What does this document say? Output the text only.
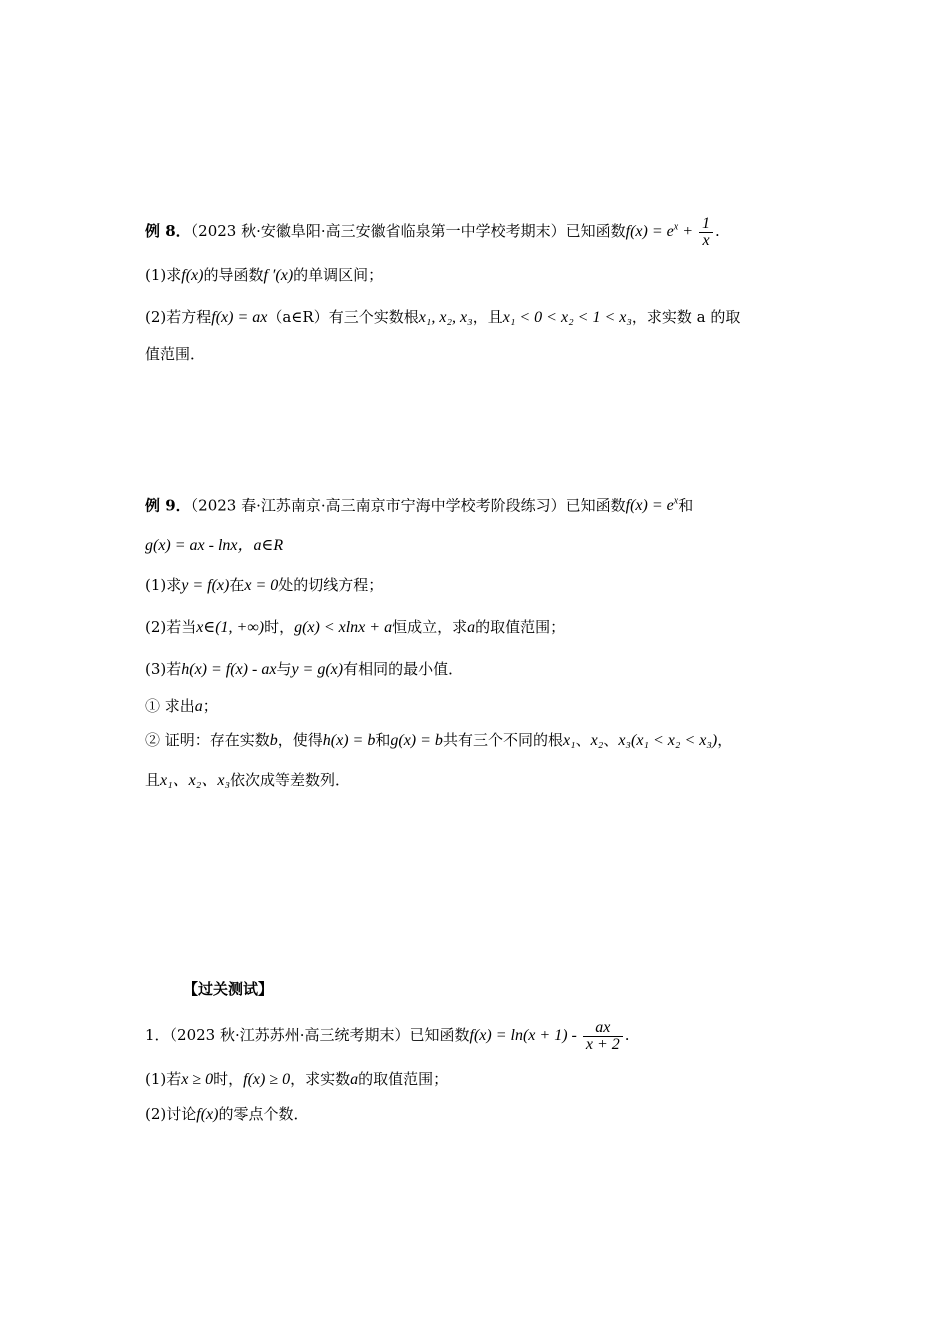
例 8．（2023 秋·安徽阜阳·高三安徽省临泉第一中学校考期末）已知函数$f(x) = e^x + \frac{1}{x}$ .
(1)求f(x)的导函数f ′(x)的单调区间；
(2)若方程f(x) = ax（a∈R）有三个实数根x₁, x₂, x₃，且x₁ < 0 < x₂ < 1 < x₃，求实数 a 的取
值范围．
例 9．（2023 春·江苏南京·高三南京市宁海中学校考阶段练习）已知函数$f(x) = e^x$和
g(x) = ax - lnx，a∈R
(1)求y = f(x)在x = 0处的切线方程；
(2)若当x∈(1, +∞)时，g(x) < xlnx + a恒成立，求a的取值范围；
(3)若h(x) = f(x) - ax与y = g(x)有相同的最小值．
① 求出a；
② 证明：存在实数b，使得h(x) = b和g(x) = b共有三个不同的根x₁、x₂、x₃(x₁ < x₂ < x₃)，
且x₁、x₂、x₃依次成等差数列．
【过关测试】
1．（2023 秋·江苏苏州·高三统考期末）已知函数$f(x) = \ln(x + 1) - \frac{ax}{x + 2}$ .
(1)若x ≥ 0时，f(x) ≥ 0，求实数a的取值范围；
(2)讨论f(x)的零点个数．
